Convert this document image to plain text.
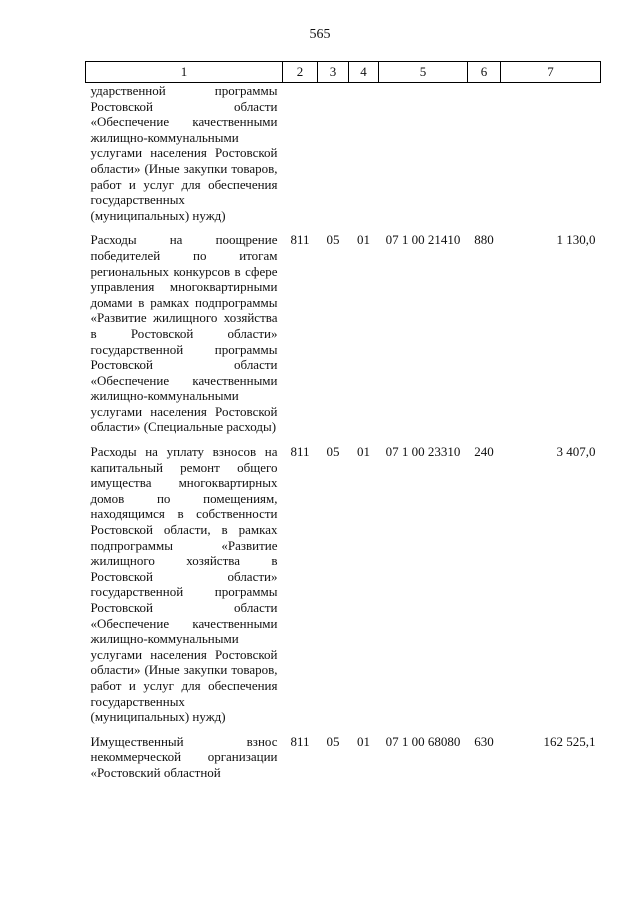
565
1	2	3	4	5	6	7
ударственной программы Ростовской области «Обеспечение качественными жилищно-коммунальными услугами населения Ростовской области» (Иные закупки товаров, работ и услуг для обеспечения государственных (муниципальных) нужд)						
Расходы на поощрение победителей по итогам региональных конкурсов в сфере управления многоквартирными домами в рамках подпрограммы «Развитие жилищного хозяйства в Ростовской области» государственной программы Ростовской области «Обеспечение качественными жилищно-коммунальными услугами населения Ростовской области» (Специальные расходы)	811	05	01	07 1 00 21410	880	1 130,0
Расходы на уплату взносов на капитальный ремонт общего имущества многоквартирных домов по помещениям, находящимся в собственности Ростовской области, в рамках подпрограммы «Развитие жилищного хозяйства в Ростовской области» государственной программы Ростовской области «Обеспечение качественными жилищно-коммунальными услугами населения Ростовской области» (Иные закупки товаров, работ и услуг для обеспечения государственных (муниципальных) нужд)	811	05	01	07 1 00 23310	240	3 407,0
Имущественный взнос некоммерческой организации «Ростовский областной	811	05	01	07 1 00 68080	630	162 525,1
